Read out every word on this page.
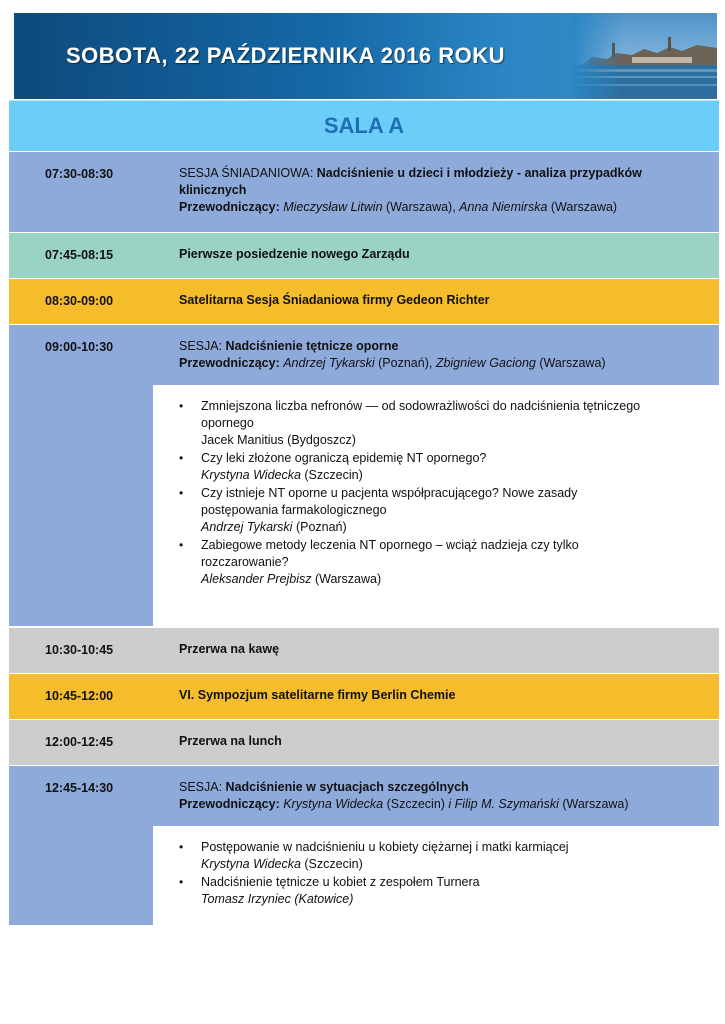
SOBOTA, 22 PAŹDZIERNIKA 2016 ROKU
SALA A
07:30-08:30	SESJA ŚNIADANIOWA: Nadciśnienie u dzieci i młodzieży - analiza przypadków klinicznych
Przewodniczący: Mieczysław Litwin (Warszawa), Anna Niemirska (Warszawa)
07:45-08:15	Pierwsze posiedzenie nowego Zarządu
08:30-09:00	Satelitarna Sesja Śniadaniowa firmy Gedeon Richter
09:00-10:30	SESJA: Nadciśnienie tętnicze oporne
Przewodniczący: Andrzej Tykarski (Poznań), Zbigniew Gaciong (Warszawa)
• Zmniejszona liczba nefronów — od sodowrażliwości do nadciśnienia tętniczego opornego
Jacek Manitius (Bydgoszcz)
• Czy leki złożone ograniczą epidemię NT opornego?
Krystyna Widecka (Szczecin)
• Czy istnieje NT oporne u pacjenta współpracującego? Nowe zasady postępowania farmakologicznego
Andrzej Tykarski (Poznań)
• Zabiegowe metody leczenia NT opornego – wciąż nadzieja czy tylko rozczarowanie?
Aleksander Prejbisz (Warszawa)
10:30-10:45	Przerwa na kawę
10:45-12:00	VI. Sympozjum satelitarne firmy Berlin Chemie
12:00-12:45	Przerwa na lunch
12:45-14:30	SESJA: Nadciśnienie w sytuacjach szczególnych
Przewodniczący: Krystyna Widecka (Szczecin) i Filip M. Szymański (Warszawa)
• Postępowanie w nadciśnieniu u kobiety ciężarnej i matki karmiącej
Krystyna Widecka (Szczecin)
• Nadciśnienie tętnicze u kobiet z zespołem Turnera
Tomasz Irzyniec (Katowice)
